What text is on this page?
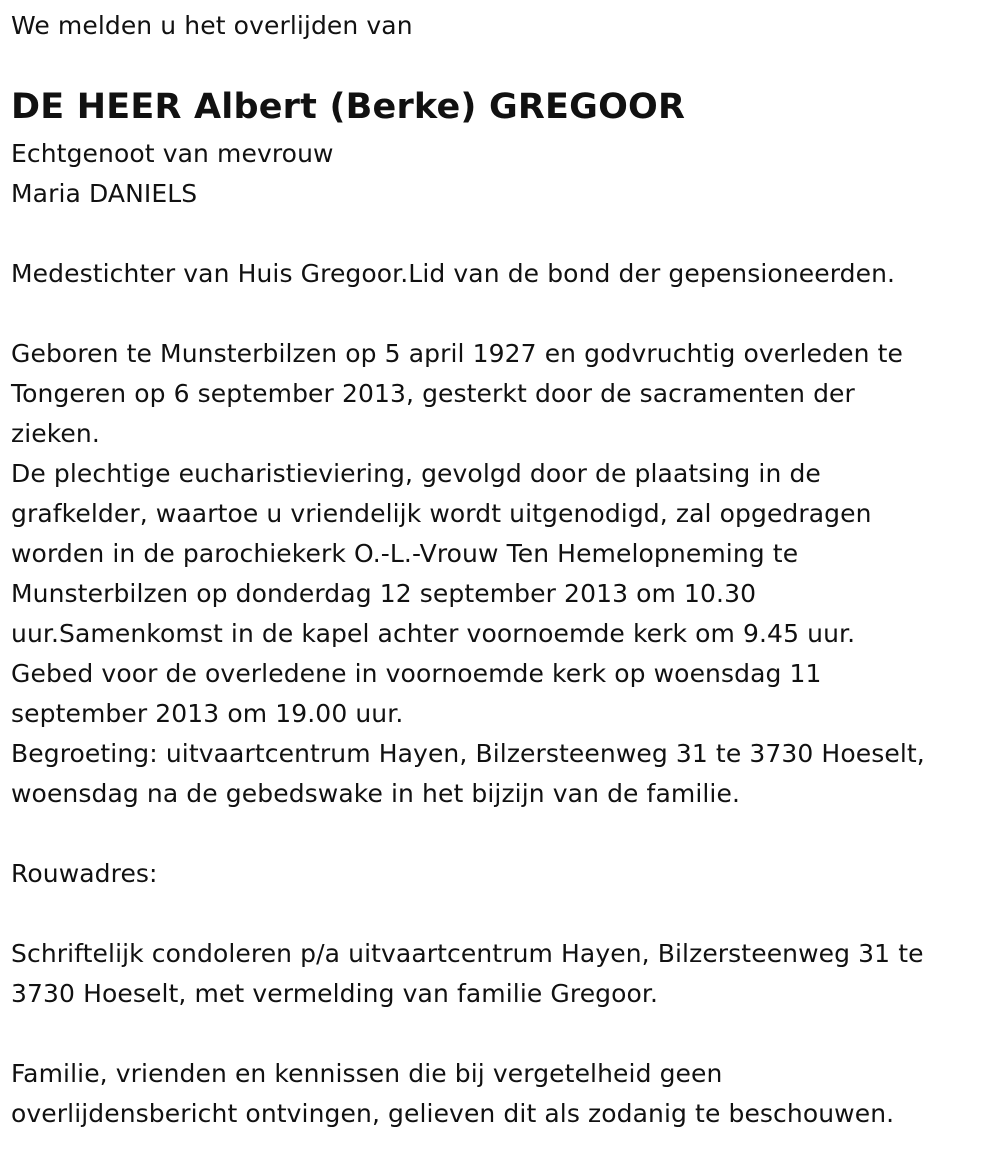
We melden u het overlijden van
DE HEER Albert (Berke) GREGOOR
Echtgenoot van mevrouw
Maria DANIELS
Medestichter van Huis Gregoor.Lid van de bond der gepensioneerden.
Geboren te Munsterbilzen op 5 april 1927 en godvruchtig overleden te
Tongeren op 6 september 2013, gesterkt door de sacramenten der
zieken.
De plechtige eucharistieviering, gevolgd door de plaatsing in de
grafkelder, waartoe u vriendelijk wordt uitgenodigd, zal opgedragen
worden in de parochiekerk O.-L.-Vrouw Ten Hemelopneming te
Munsterbilzen op donderdag 12 september 2013 om 10.30
uur.Samenkomst in de kapel achter voornoemde kerk om 9.45 uur.
Gebed voor de overledene in voornoemde kerk op woensdag 11
september 2013 om 19.00 uur.
Begroeting: uitvaartcentrum Hayen, Bilzersteenweg 31 te 3730 Hoeselt,
woensdag na de gebedswake in het bijzijn van de familie.
Rouwadres:
Schriftelijk condoleren p/a uitvaartcentrum Hayen, Bilzersteenweg 31 te
3730 Hoeselt, met vermelding van familie Gregoor.
Familie, vrienden en kennissen die bij vergetelheid geen
overlijdensbericht ontvingen, gelieven dit als zodanig te beschouwen.
